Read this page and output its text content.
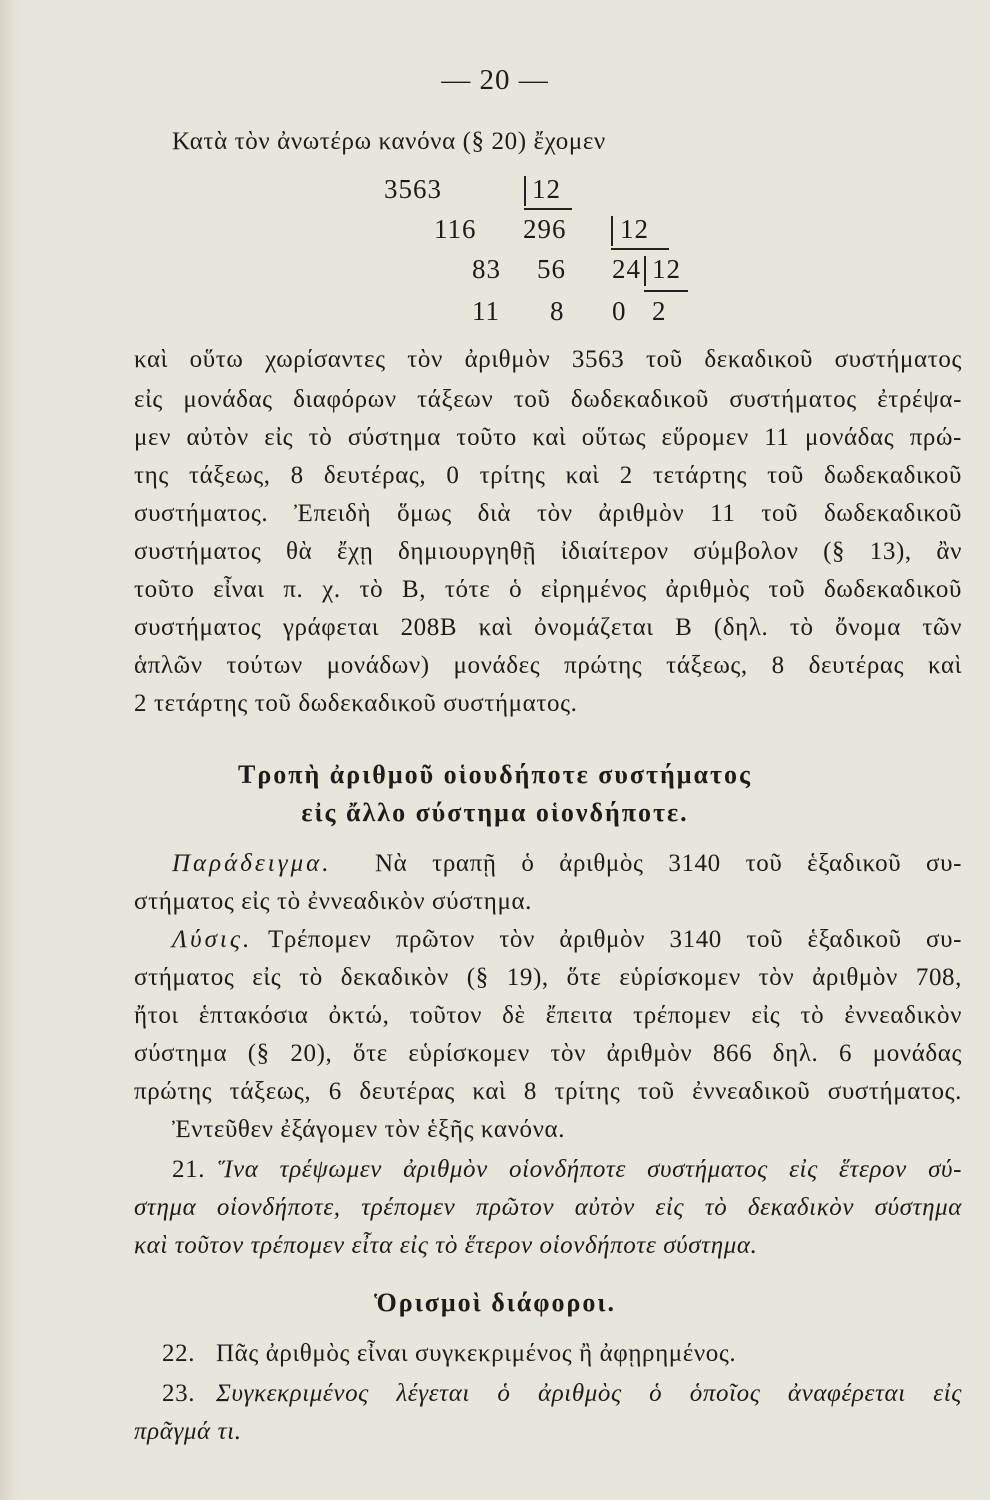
— 20 —
Κατὰ τὸν ἀνωτέρω κανόνα (§ 20) ἔχομεν
3563	12
116 296 12
83 56 24 12
11 8 0 2
καὶ οὕτω χωρίσαντες τὸν ἀριθμὸν 3563 τοῦ δεκαδικοῦ συστήματος
εἰς μονάδας διαφόρων τάξεων τοῦ δωδεκαδικοῦ συστήματος ἐτρέψα-
μεν αὐτὸν εἰς τὸ σύστημα τοῦτο καὶ οὕτως εὕρομεν 11 μονάδας πρώ-
της τάξεως, 8 δευτέρας, 0 τρίτης καὶ 2 τετάρτης τοῦ δωδεκαδικοῦ
συστήματος. Ἐπειδὴ ὅμως διὰ τὸν ἀριθμὸν 11 τοῦ δωδεκαδικοῦ
συστήματος θὰ ἔχῃ δημιουργηθῇ ἰδιαίτερον σύμβολον (§ 13), ἂν
τοῦτο εἶναι π. χ. τὸ Β, τότε ὁ εἰρημένος ἀριθμὸς τοῦ δωδεκαδικοῦ
συστήματος γράφεται 208Β καὶ ὀνομάζεται Β (δηλ. τὸ ὄνομα τῶν
ἁπλῶν τούτων μονάδων) μονάδες πρώτης τάξεως, 8 δευτέρας καὶ
2 τετάρτης τοῦ δωδεκαδικοῦ συστήματος.
Τροπὴ ἀριθμοῦ οἱουδήποτε συστήματος
εἰς ἄλλο σύστημα οἱονδήποτε.
Παράδειγμα. Νὰ τραπῇ ὁ ἀριθμὸς 3140 τοῦ ἑξαδικοῦ συ-
στήματος εἰς τὸ ἐννεαδικὸν σύστημα.
Λύσις. Τρέπομεν πρῶτον τὸν ἀριθμὸν 3140 τοῦ ἑξαδικοῦ συ-
στήματος εἰς τὸ δεκαδικὸν (§ 19), ὅτε εὑρίσκομεν τὸν ἀριθμὸν 708,
ἤτοι ἑπτακόσια ὀκτώ, τοῦτον δὲ ἔπειτα τρέπομεν εἰς τὸ ἐννεαδικὸν
σύστημα (§ 20), ὅτε εὑρίσκομεν τὸν ἀριθμὸν 866 δηλ. 6 μονάδας
πρώτης τάξεως, 6 δευτέρας καὶ 8 τρίτης τοῦ ἐννεαδικοῦ συστήματος.
Ἐντεῦθεν ἐξάγομεν τὸν ἑξῆς κανόνα.
21. Ἵνα τρέψωμεν ἀριθμὸν οἱονδήποτε συστήματος εἰς ἕτερον σύ-
στημα οἱονδήποτε, τρέπομεν πρῶτον αὐτὸν εἰς τὸ δεκαδικὸν σύστημα
καὶ τοῦτον τρέπομεν εἶτα εἰς τὸ ἕτερον οἱονδήποτε σύστημα.
Ὁρισμοὶ διάφοροι.
22. Πᾶς ἀριθμὸς εἶναι συγκεκριμένος ἢ ἀφῃρημένος.
23. Συγκεκριμένος λέγεται ὁ ἀριθμὸς ὁ ὁποῖος ἀναφέρεται εἰς
πρᾶγμά τι.
